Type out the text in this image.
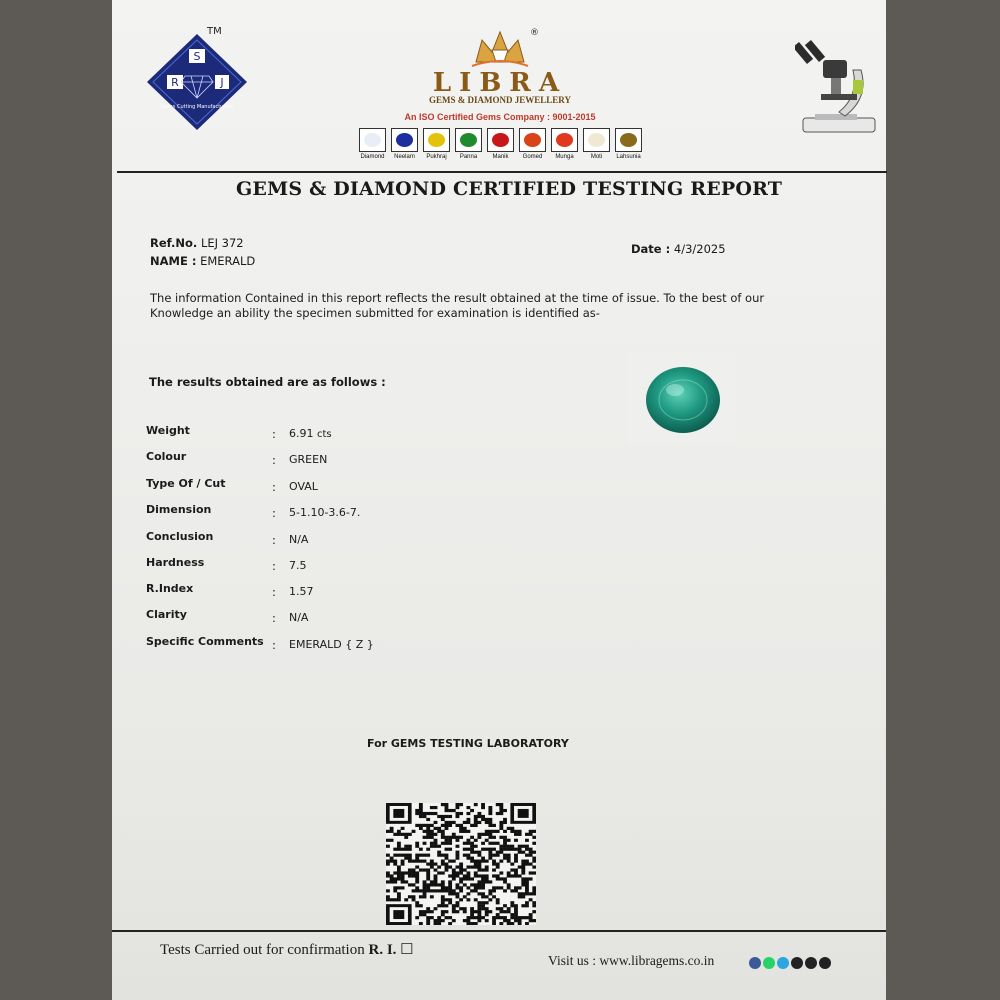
S
R	J
Gems Cutting Manufacturers
TM	®
LIBRA
GEMS & DIAMOND JEWELLERY
An ISO Certified Gems Company : 9001-2015
Diamond	Neelam	Pukhraj	Panna	Manik	Gomed	Munga	Moti	Lahsunia
GEMS & DIAMOND CERTIFIED TESTING REPORT
Ref.No. LEJ 372
NAME : EMERALD
Date : 4/3/2025
The information Contained in this report reflects the result obtained at the time of issue. To the best of our Knowledge an ability the specimen submitted for examination is identified as-
The results obtained are as follows :
Weight	: 6.91 cts
Colour	: GREEN
Type Of / Cut	: OVAL
Dimension	: 5-1.10-3.6-7.
Conclusion	: N/A
Hardness	: 7.5
R.Index	: 1.57
Clarity	: N/A
Specific Comments : EMERALD { Z }
For GEMS TESTING LABORATORY
Tests Carried out for confirmation R. I. ☐
Visit us : www.libragems.co.in
